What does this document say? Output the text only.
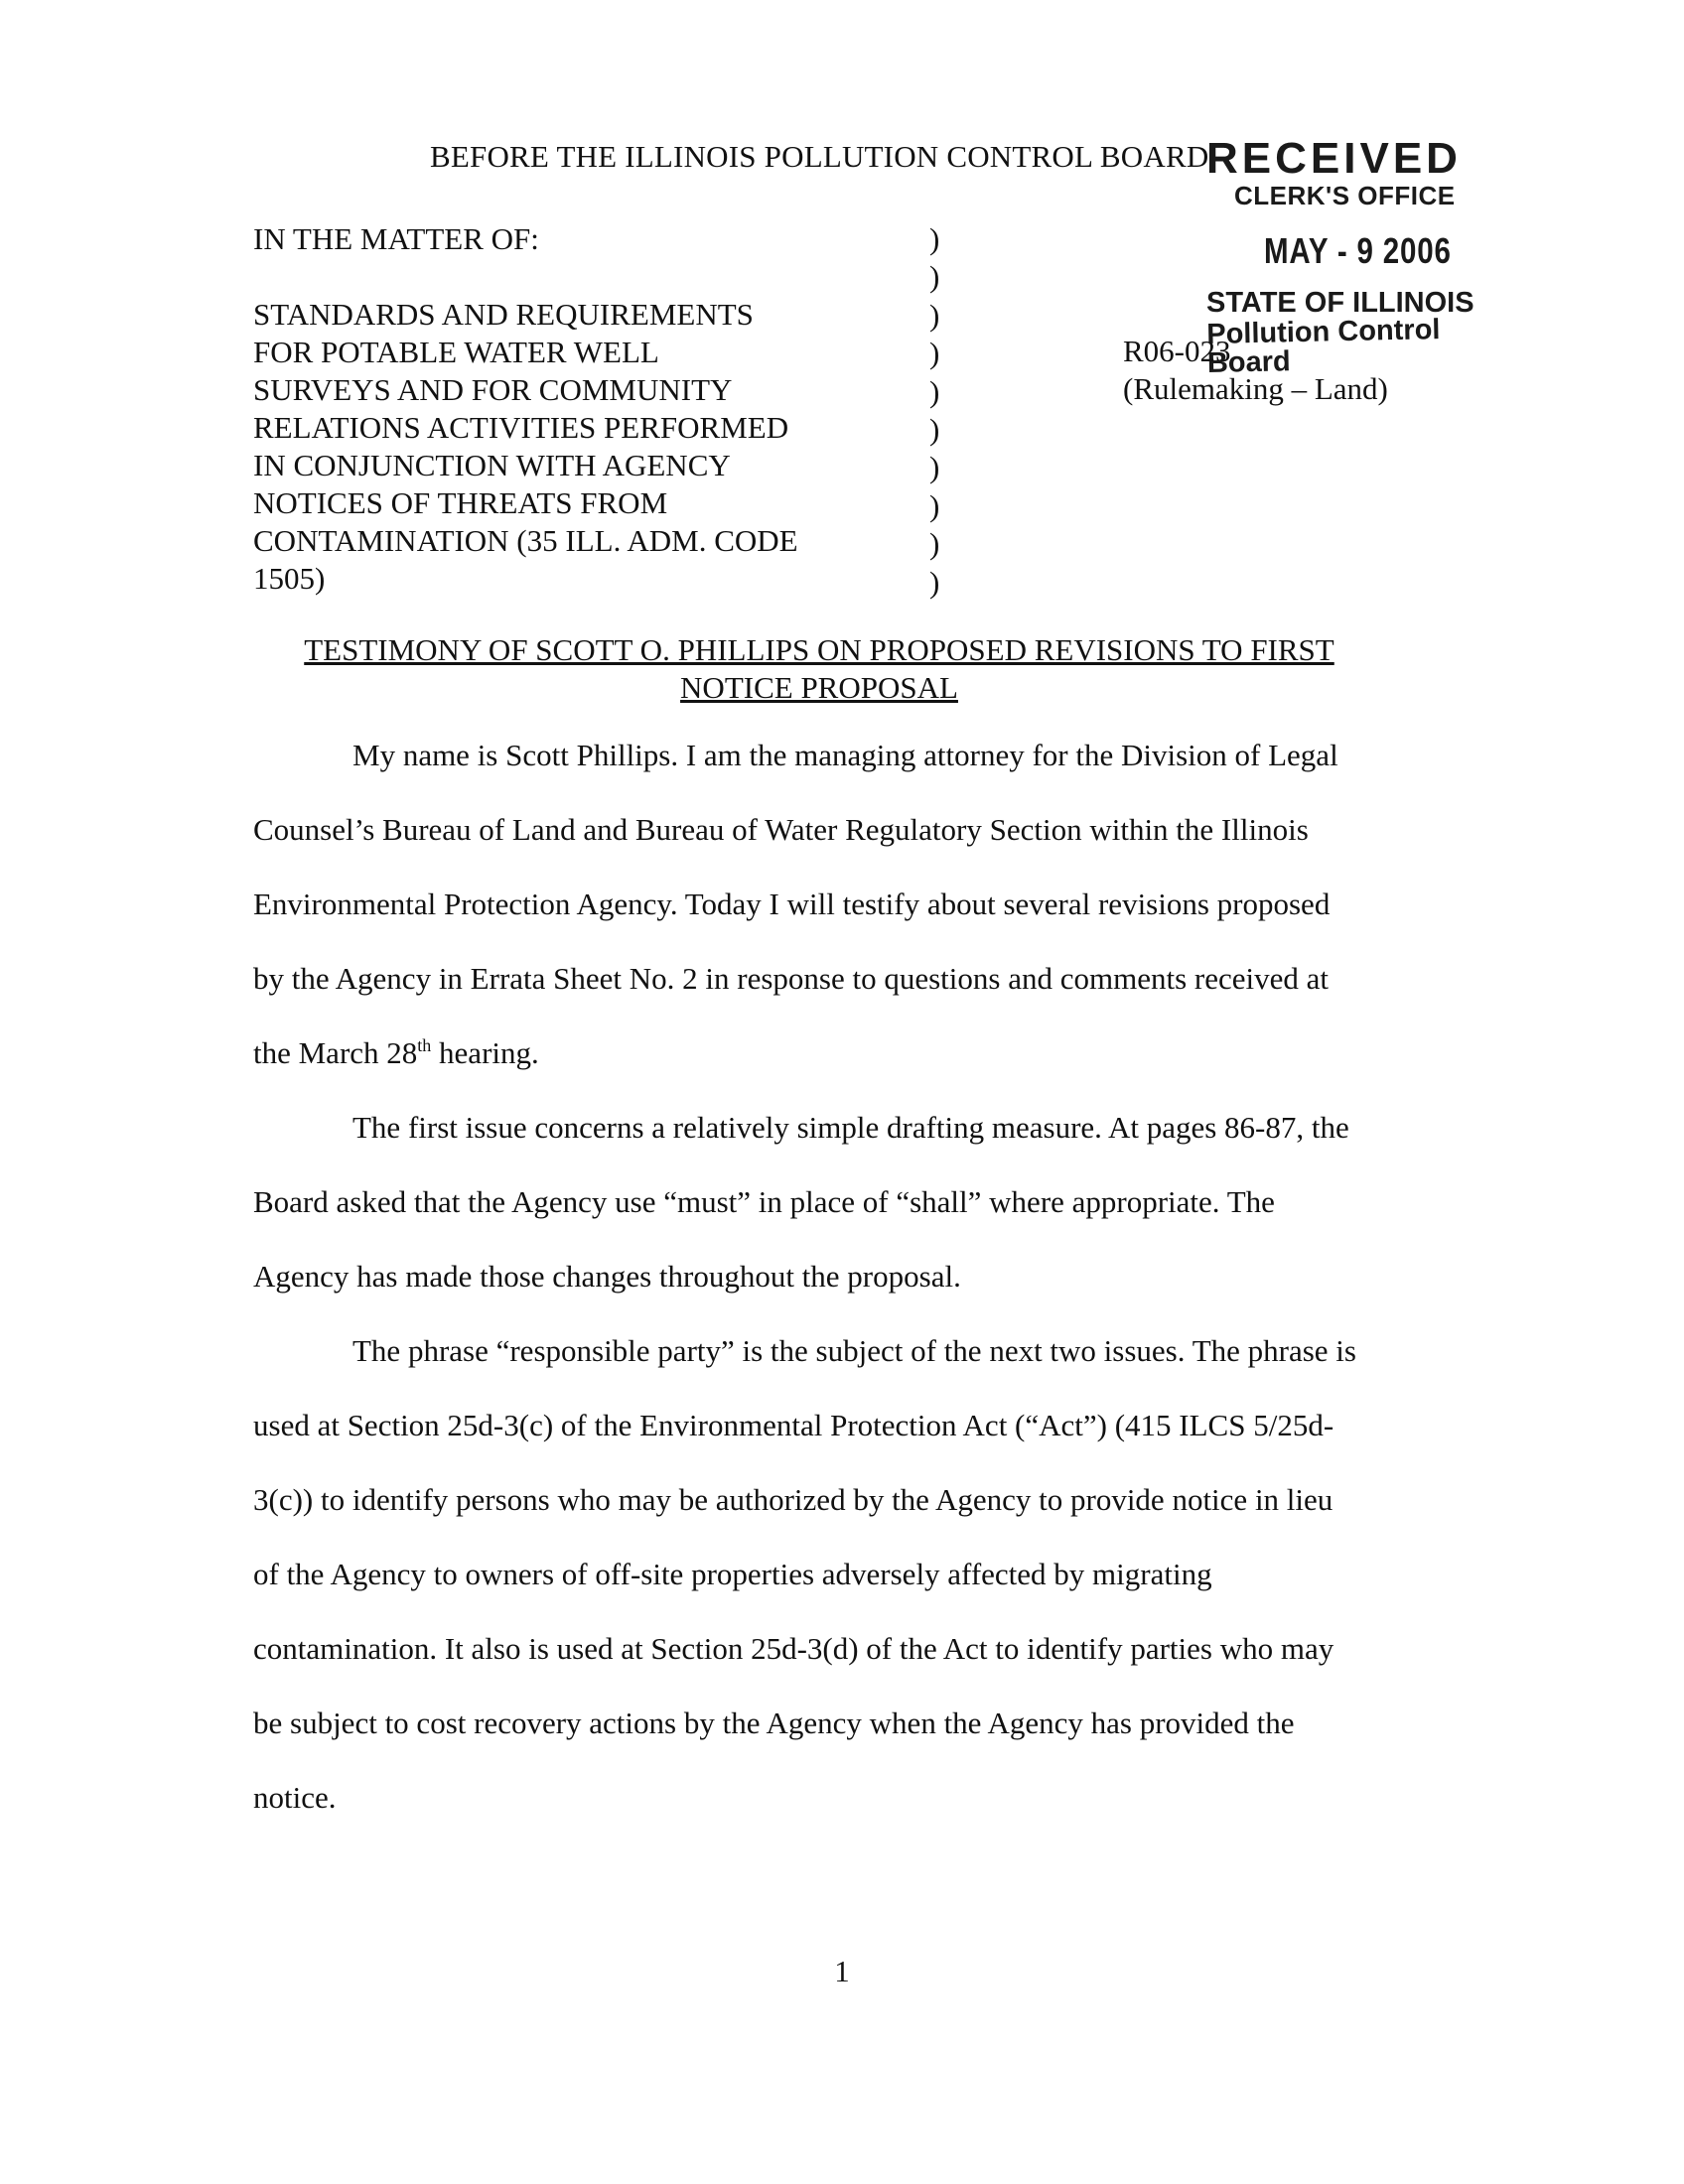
BEFORE THE ILLINOIS POLLUTION CONTROL BOARD
RECEIVED
CLERK'S OFFICE
MAY - 9 2006
STATE OF ILLINOIS
Pollution Control Board
IN THE MATTER OF:
STANDARDS AND REQUIREMENTS
FOR POTABLE WATER WELL
SURVEYS AND FOR COMMUNITY
RELATIONS ACTIVITIES PERFORMED
IN CONJUNCTION WITH AGENCY
NOTICES OF THREATS FROM
CONTAMINATION (35 ILL. ADM. CODE
1505)
)
)
)
)
)
)
)
)
)
)
R06-023
(Rulemaking – Land)
TESTIMONY OF SCOTT O. PHILLIPS ON PROPOSED REVISIONS TO FIRST
NOTICE PROPOSAL
My name is Scott Phillips. I am the managing attorney for the Division of Legal
Counsel’s Bureau of Land and Bureau of Water Regulatory Section within the Illinois
Environmental Protection Agency. Today I will testify about several revisions proposed
by the Agency in Errata Sheet No. 2 in response to questions and comments received at
the March 28th hearing.
The first issue concerns a relatively simple drafting measure. At pages 86-87, the
Board asked that the Agency use “must” in place of “shall” where appropriate. The
Agency has made those changes throughout the proposal.
The phrase “responsible party” is the subject of the next two issues. The phrase is
used at Section 25d-3(c) of the Environmental Protection Act (“Act”) (415 ILCS 5/25d-
3(c)) to identify persons who may be authorized by the Agency to provide notice in lieu
of the Agency to owners of off-site properties adversely affected by migrating
contamination. It also is used at Section 25d-3(d) of the Act to identify parties who may
be subject to cost recovery actions by the Agency when the Agency has provided the
notice.
1
